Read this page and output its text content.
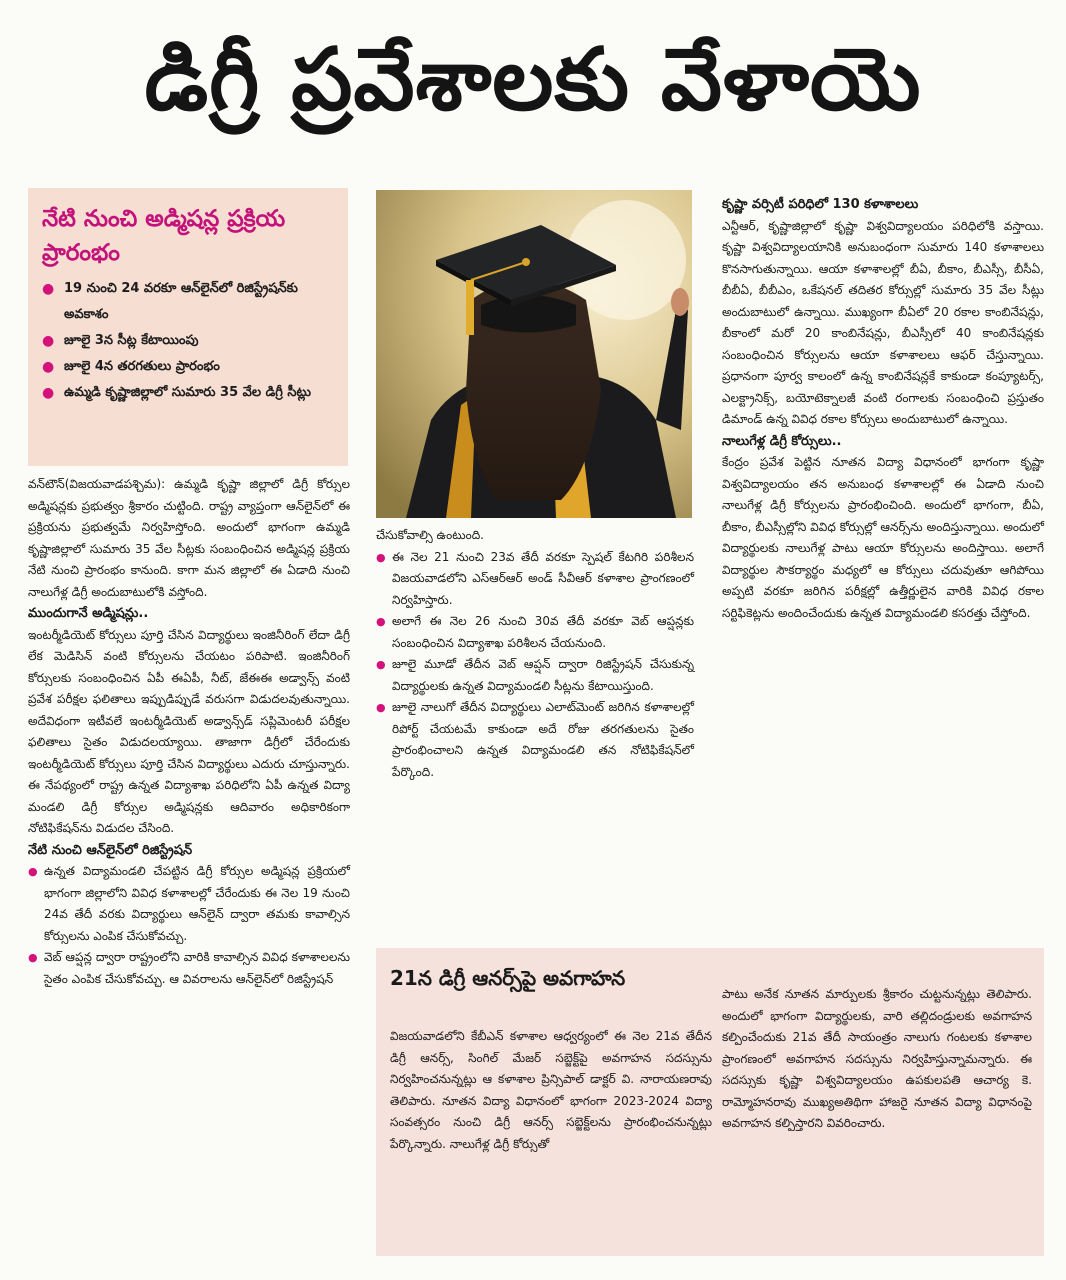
డిగ్రీ ప్రవేశాలకు వేళాయె
నేటి నుంచి అడ్మిషన్ల ప్రక్రియ ప్రారంభం
● 19 నుంచి 24 వరకూ ఆన్‌లైన్‌లో రిజిస్ట్రేషన్‌కు అవకాశం
● జూలై 3న సీట్ల కేటాయింపు
● జూలై 4న తరగతులు ప్రారంభం
● ఉమ్మడి కృష్ణాజిల్లాలో సుమారు 35 వేల డిగ్రీ సీట్లు

వన్‌టౌన్‌(విజయవాడపశ్చిమ): ఉమ్మడి కృష్ణా జిల్లాలో డిగ్రీ కోర్సుల అడ్మిషన్లకు ప్రభుత్వం శ్రీకారం చుట్టింది. రాష్ట్ర వ్యాప్తంగా ఆన్‌లైన్‌లో ఈ ప్రక్రియను ప్రభుత్వమే నిర్వహిస్తోంది. అందులో భాగంగా ఉమ్మడి కృష్ణాజిల్లాలో సుమారు 35 వేల సీట్లకు సంబంధించిన అడ్మిషన్ల ప్రక్రియ నేటి నుంచి ప్రారంభం కానుంది. కాగా మన జిల్లాలో ఈ ఏడాది నుంచి నాలుగేళ్ల డిగ్రీ అందుబాటులోకి వస్తోంది.

ముందుగానే అడ్మిషన్లు..

ఇంటర్మీడియెట్‌ కోర్సులు పూర్తి చేసిన విద్యార్థులు ఇంజినీరింగ్‌ లేదా డిగ్రీ లేక మెడిసిన్‌ వంటి కోర్సులను చేయటం పరిపాటి. ఇంజినీరింగ్‌ కోర్సులకు సంబంధించిన ఏపీ ఈఏపీ, నీట్‌, జేఈఈ అడ్వాన్స్‌ వంటి ప్రవేశ పరీక్షల ఫలితాలు ఇప్పుడిప్పుడే వరుసగా విడుదలవుతున్నాయి. అదేవిధంగా ఇటీవలే ఇంటర్మీడియెట్‌ అడ్వాన్స్‌డ్‌ సప్లిమెంటరీ పరీక్షల ఫలితాలు సైతం విడుదలయ్యాయి. తాజాగా డిగ్రీలో చేరేందుకు ఇంటర్మీడియెట్‌ కోర్సులు పూర్తి చేసిన విద్యార్థులు ఎదురు చూస్తున్నారు. ఈ నేపథ్యంలో రాష్ట్ర ఉన్నత విద్యాశాఖ పరిధిలోని ఏపీ ఉన్నత విద్యా మండలి డిగ్రీ కోర్సుల అడ్మిషన్లకు ఆదివారం అధికారికంగా నోటిఫికేషన్‌ను విడుదల చేసింది.

నేటి నుంచి ఆన్‌లైన్‌లో రిజిస్ట్రేషన్‌

● ఉన్నత విద్యామండలి చేపట్టిన డిగ్రీ కోర్సుల అడ్మిషన్ల ప్రక్రియలో భాగంగా జిల్లాలోని వివిధ కళాశాలల్లో చేరేందుకు ఈ నెల 19 నుంచి 24వ తేదీ వరకు విద్యార్థులు ఆన్‌లైన్‌ ద్వారా తమకు కావాల్సిన కోర్సులను ఎంపిక చేసుకోవచ్చు.
● వెబ్‌ ఆప్షన్ల ద్వారా రాష్ట్రంలోని వారికి కావాల్సిన వివిధ కళాశాలలను సైతం ఎంపిక చేసుకోవచ్చు. ఆ వివరాలను ఆన్‌లైన్‌లో రిజిస్ట్రేషన్‌

చేసుకోవాల్సి ఉంటుంది.

● ఈ నెల 21 నుంచి 23వ తేదీ వరకూ స్పెషల్‌ కేటగిరి పరిశీలన విజయవాడలోని ఎస్‌ఆర్‌ఆర్‌ అండ్‌ సీవీఆర్‌ కళాశాల ప్రాంగణంలో నిర్వహిస్తారు.
● అలాగే ఈ నెల 26 నుంచి 30వ తేదీ వరకూ వెబ్‌ ఆప్షన్లకు సంబంధించిన విద్యాశాఖ పరిశీలన చేయనుంది.
● జూలై మూడో తేదీన వెబ్‌ ఆప్షన్‌ ద్వారా రిజిస్ట్రేషన్‌ చేసుకున్న విద్యార్థులకు ఉన్నత విద్యామండలి సీట్లను కేటాయిస్తుంది.
● జూలై నాలుగో తేదీన విద్యార్థులు ఎలాట్‌మెంట్‌ జరిగిన కళాశాలల్లో రిపోర్ట్‌ చేయటమే కాకుండా అదే రోజు తరగతులను సైతం ప్రారంభించాలని ఉన్నత విద్యామండలి తన నోటిఫికేషన్‌లో పేర్కొంది.

కృష్ణా వర్సిటీ పరిధిలో 130 కళాశాలలు

ఎన్టీఆర్‌, కృష్ణాజిల్లాలో కృష్ణా విశ్వవిద్యాలయం పరిధిలోకి వస్తాయి. కృష్ణా విశ్వవిద్యాలయానికి అనుబంధంగా సుమారు 140 కళాశాలలు కొనసాగుతున్నాయి. ఆయా కళాశాలల్లో బీఏ, బీకాం, బీఎస్సీ, బీసీఏ, బీబీఏ, బీబీఎం, ఒకేషనల్‌ తదితర కోర్సుల్లో సుమారు 35 వేల సీట్లు అందుబాటులో ఉన్నాయి. ముఖ్యంగా బీఏలో 20 రకాల కాంబినేషన్లు, బీకాంలో మరో 20 కాంబినేషన్లు, బీఎస్సీలో 40 కాంబినేషన్లకు సంబంధించిన కోర్సులను ఆయా కళాశాలలు ఆఫర్‌ చేస్తున్నాయి. ప్రధానంగా పూర్వ కాలంలో ఉన్న కాంబినేషన్లకే కాకుండా కంప్యూటర్స్‌, ఎలక్ట్రానిక్స్‌, బయోటెక్నాలజీ వంటి రంగాలకు సంబంధించి ప్రస్తుతం డిమాండ్‌ ఉన్న వివిధ రకాల కోర్సులు అందుబాటులో ఉన్నాయి.

నాలుగేళ్ల డిగ్రీ కోర్సులు..

కేంద్రం ప్రవేశ పెట్టిన నూతన విద్యా విధానంలో భాగంగా కృష్ణా విశ్వవిద్యాలయం తన అనుబంధ కళాశాలల్లో ఈ ఏడాది నుంచి నాలుగేళ్ల డిగ్రీ కోర్సులను ప్రారంభించింది. అందులో భాగంగా, బీఏ, బీకాం, బీఎస్సీల్లోని వివిధ కోర్సుల్లో ఆనర్స్‌ను అందిస్తున్నాయి. అందులో విద్యార్థులకు నాలుగేళ్ల పాటు ఆయా కోర్సులను అందిస్తాయి. అలాగే విద్యార్థుల సౌకర్యార్థం మధ్యలో ఆ కోర్సులు చదువుతూ ఆగిపోయి అప్పటి వరకూ జరిగిన పరీక్షల్లో ఉత్తీర్ణులైన వారికి వివిధ రకాల సర్టిఫికెట్లను అందించేందుకు ఉన్నత విద్యామండలి కసరత్తు చేస్తోంది.

21న డిగ్రీ ఆనర్స్‌పై అవగాహన
విజయవాడలోని కేబీఎన్‌ కళాశాల ఆధ్వర్యంలో ఈ నెల 21వ తేదీన డిగ్రీ ఆనర్స్‌, సింగిల్‌ మేజర్‌ సబ్జెక్ట్‌పై అవగాహన సదస్సును నిర్వహించనున్నట్లు ఆ కళాశాల ప్రిన్సిపాల్‌ డాక్టర్‌ వి. నారాయణరావు తెలిపారు. నూతన విద్యా విధానంలో భాగంగా 2023-2024 విద్యా సంవత్సరం నుంచి డిగ్రీ ఆనర్స్‌ సబ్జెక్ట్‌లను ప్రారంభించనున్నట్లు పేర్కొన్నారు. నాలుగేళ్ల డిగ్రీ కోర్సుతో
పాటు అనేక నూతన మార్పులకు శ్రీకారం చుట్టనున్నట్లు తెలిపారు. అందులో భాగంగా విద్యార్థులకు, వారి తల్లిదండ్రులకు అవగాహన కల్పించేందుకు 21వ తేదీ సాయంత్రం నాలుగు గంటలకు కళాశాల ప్రాంగణంలో అవగాహన సదస్సును నిర్వహిస్తున్నామన్నారు. ఈ సదస్సుకు కృష్ణా విశ్వవిద్యాలయం ఉపకులపతి ఆచార్య కె. రామ్మోహనరావు ముఖ్యఅతిథిగా హాజరై నూతన విద్యా విధానంపై అవగాహన కల్పిస్తారని వివరించారు.
